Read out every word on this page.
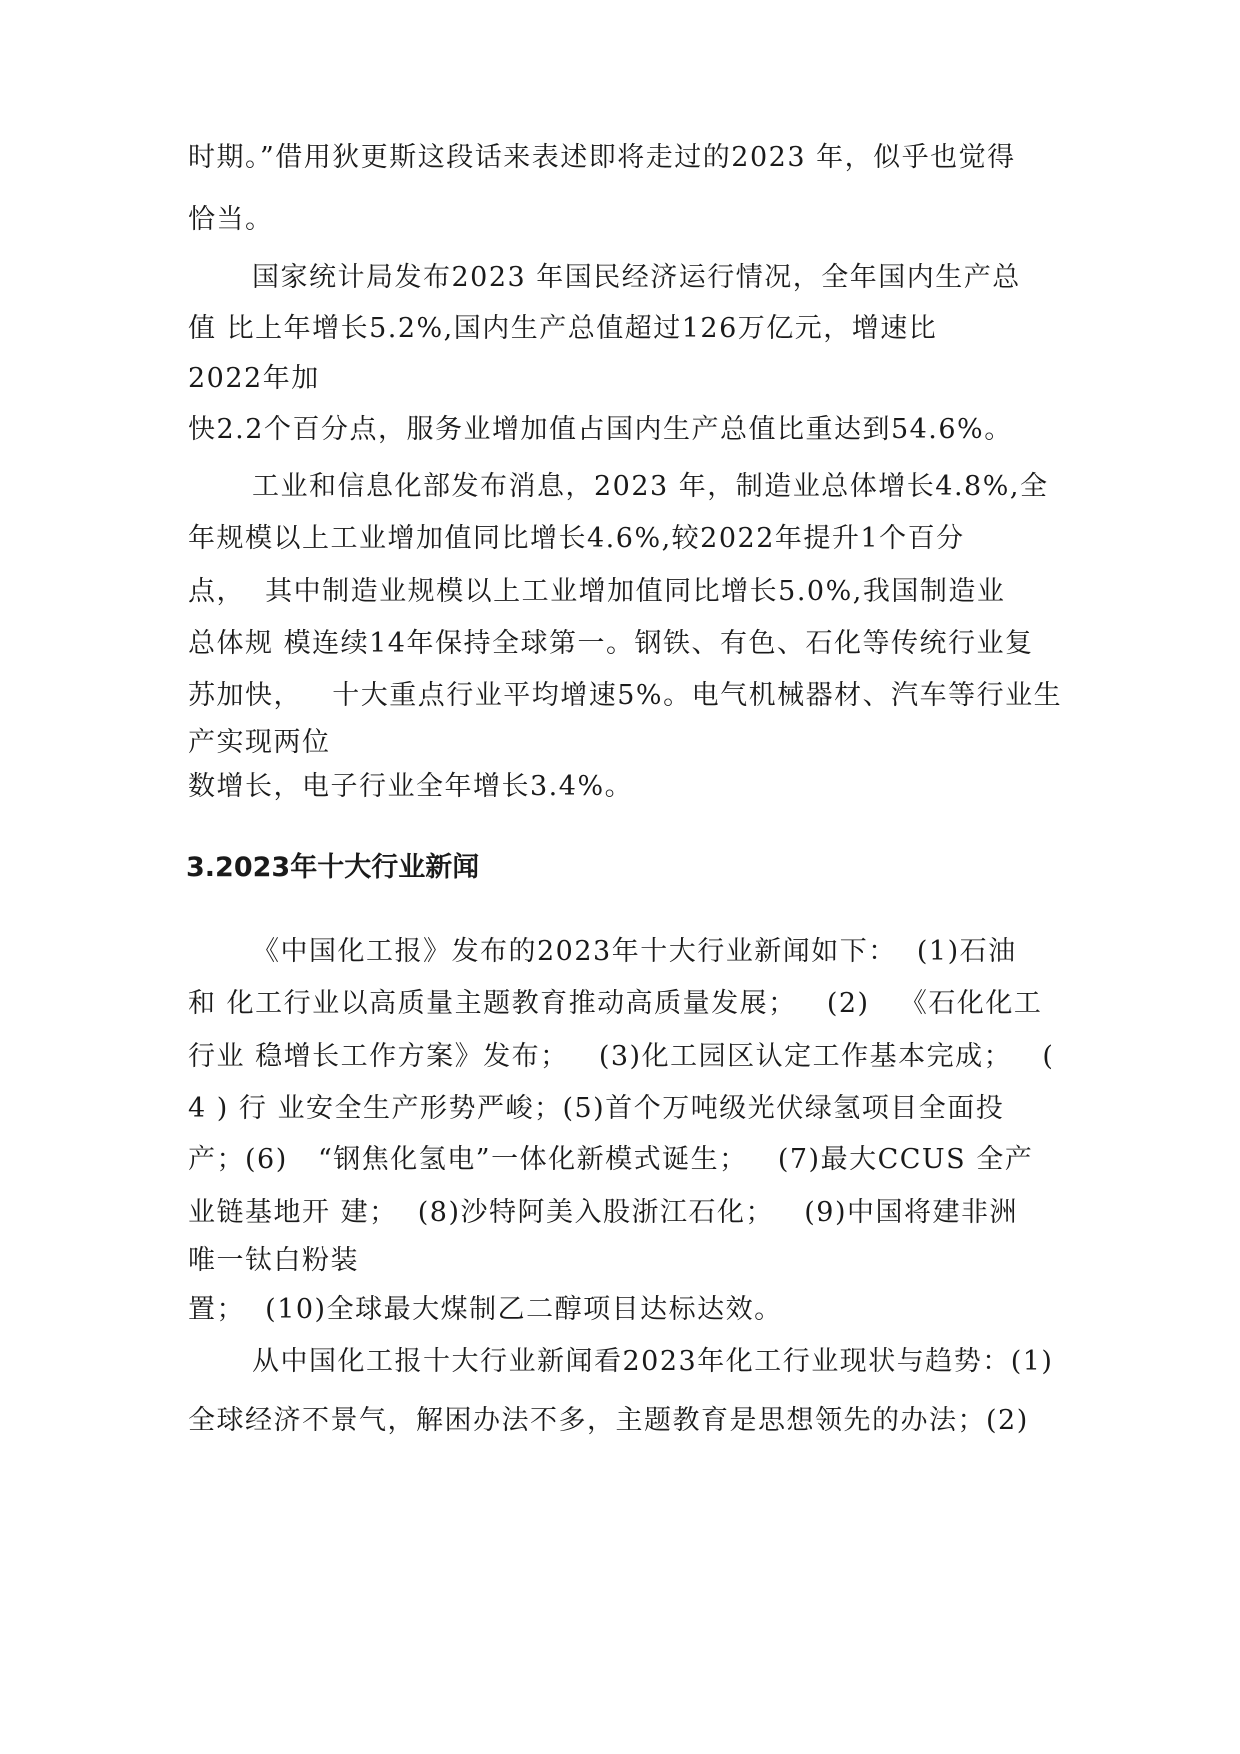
时期。”借用狄更斯这段话来表述即将走过的2023 年，似乎也觉得

恰当。

国家统计局发布2023 年国民经济运行情况，全年国内生产总

值 比上年增长5.2%,国内生产总值超过126万亿元，增速比

2022年加

快2.2个百分点，服务业增加值占国内生产总值比重达到54.6%。

工业和信息化部发布消息，2023 年，制造业总体增长4.8%,全

年规模以上工业增加值同比增长4.6%,较2022年提升1个百分

点，  其中制造业规模以上工业增加值同比增长5.0%,我国制造业

总体规 模连续14年保持全球第一。钢铁、有色、石化等传统行业复

苏加快，   十大重点行业平均增速5%。电气机械器材、汽车等行业生

产实现两位

数增长，电子行业全年增长3.4%。

3.2023年十大行业新闻

《中国化工报》发布的2023年十大行业新闻如下：  (1)石油

和 化工行业以高质量主题教育推动高质量发展；   (2)   《石化化工

行业 稳增长工作方案》发布；   (3)化工园区认定工作基本完成；   (

4 ) 行 业安全生产形势严峻；(5)首个万吨级光伏绿氢项目全面投

产；(6)   “钢焦化氢电”一体化新模式诞生；   (7)最大CCUS 全产

业链基地开 建；  (8)沙特阿美入股浙江石化；   (9)中国将建非洲

唯一钛白粉装

置；  (10)全球最大煤制乙二醇项目达标达效。

从中国化工报十大行业新闻看2023年化工行业现状与趋势：(1)

全球经济不景气，解困办法不多，主题教育是思想领先的办法；(2)
